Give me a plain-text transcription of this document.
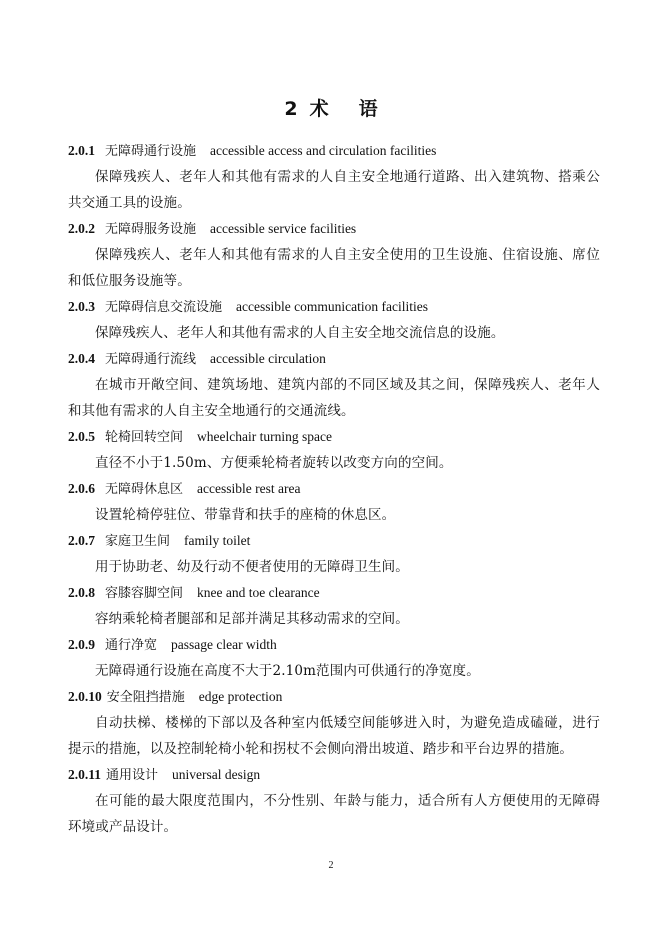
2 术 语
2.0.1 无障碍通行设施 accessible access and circulation facilities
保障残疾人、老年人和其他有需求的人自主安全地通行道路、出入建筑物、搭乘公共交通工具的设施。
2.0.2 无障碍服务设施 accessible service facilities
保障残疾人、老年人和其他有需求的人自主安全使用的卫生设施、住宿设施、席位和低位服务设施等。
2.0.3 无障碍信息交流设施 accessible communication facilities
保障残疾人、老年人和其他有需求的人自主安全地交流信息的设施。
2.0.4 无障碍通行流线 accessible circulation
在城市开敞空间、建筑场地、建筑内部的不同区域及其之间，保障残疾人、老年人和其他有需求的人自主安全地通行的交通流线。
2.0.5 轮椅回转空间 wheelchair turning space
直径不小于1.50m、方便乘轮椅者旋转以改变方向的空间。
2.0.6 无障碍休息区 accessible rest area
设置轮椅停驻位、带靠背和扶手的座椅的休息区。
2.0.7 家庭卫生间 family toilet
用于协助老、幼及行动不便者使用的无障碍卫生间。
2.0.8 容膝容脚空间 knee and toe clearance
容纳乘轮椅者腿部和足部并满足其移动需求的空间。
2.0.9 通行净宽 passage clear width
无障碍通行设施在高度不大于2.10m范围内可供通行的净宽度。
2.0.10 安全阻挡措施 edge protection
自动扶梯、楼梯的下部以及各种室内低矮空间能够进入时，为避免造成磕碰，进行提示的措施，以及控制轮椅小轮和拐杖不会侧向滑出坡道、踏步和平台边界的措施。
2.0.11 通用设计 universal design
在可能的最大限度范围内，不分性别、年龄与能力，适合所有人方便使用的无障碍环境或产品设计。
2
